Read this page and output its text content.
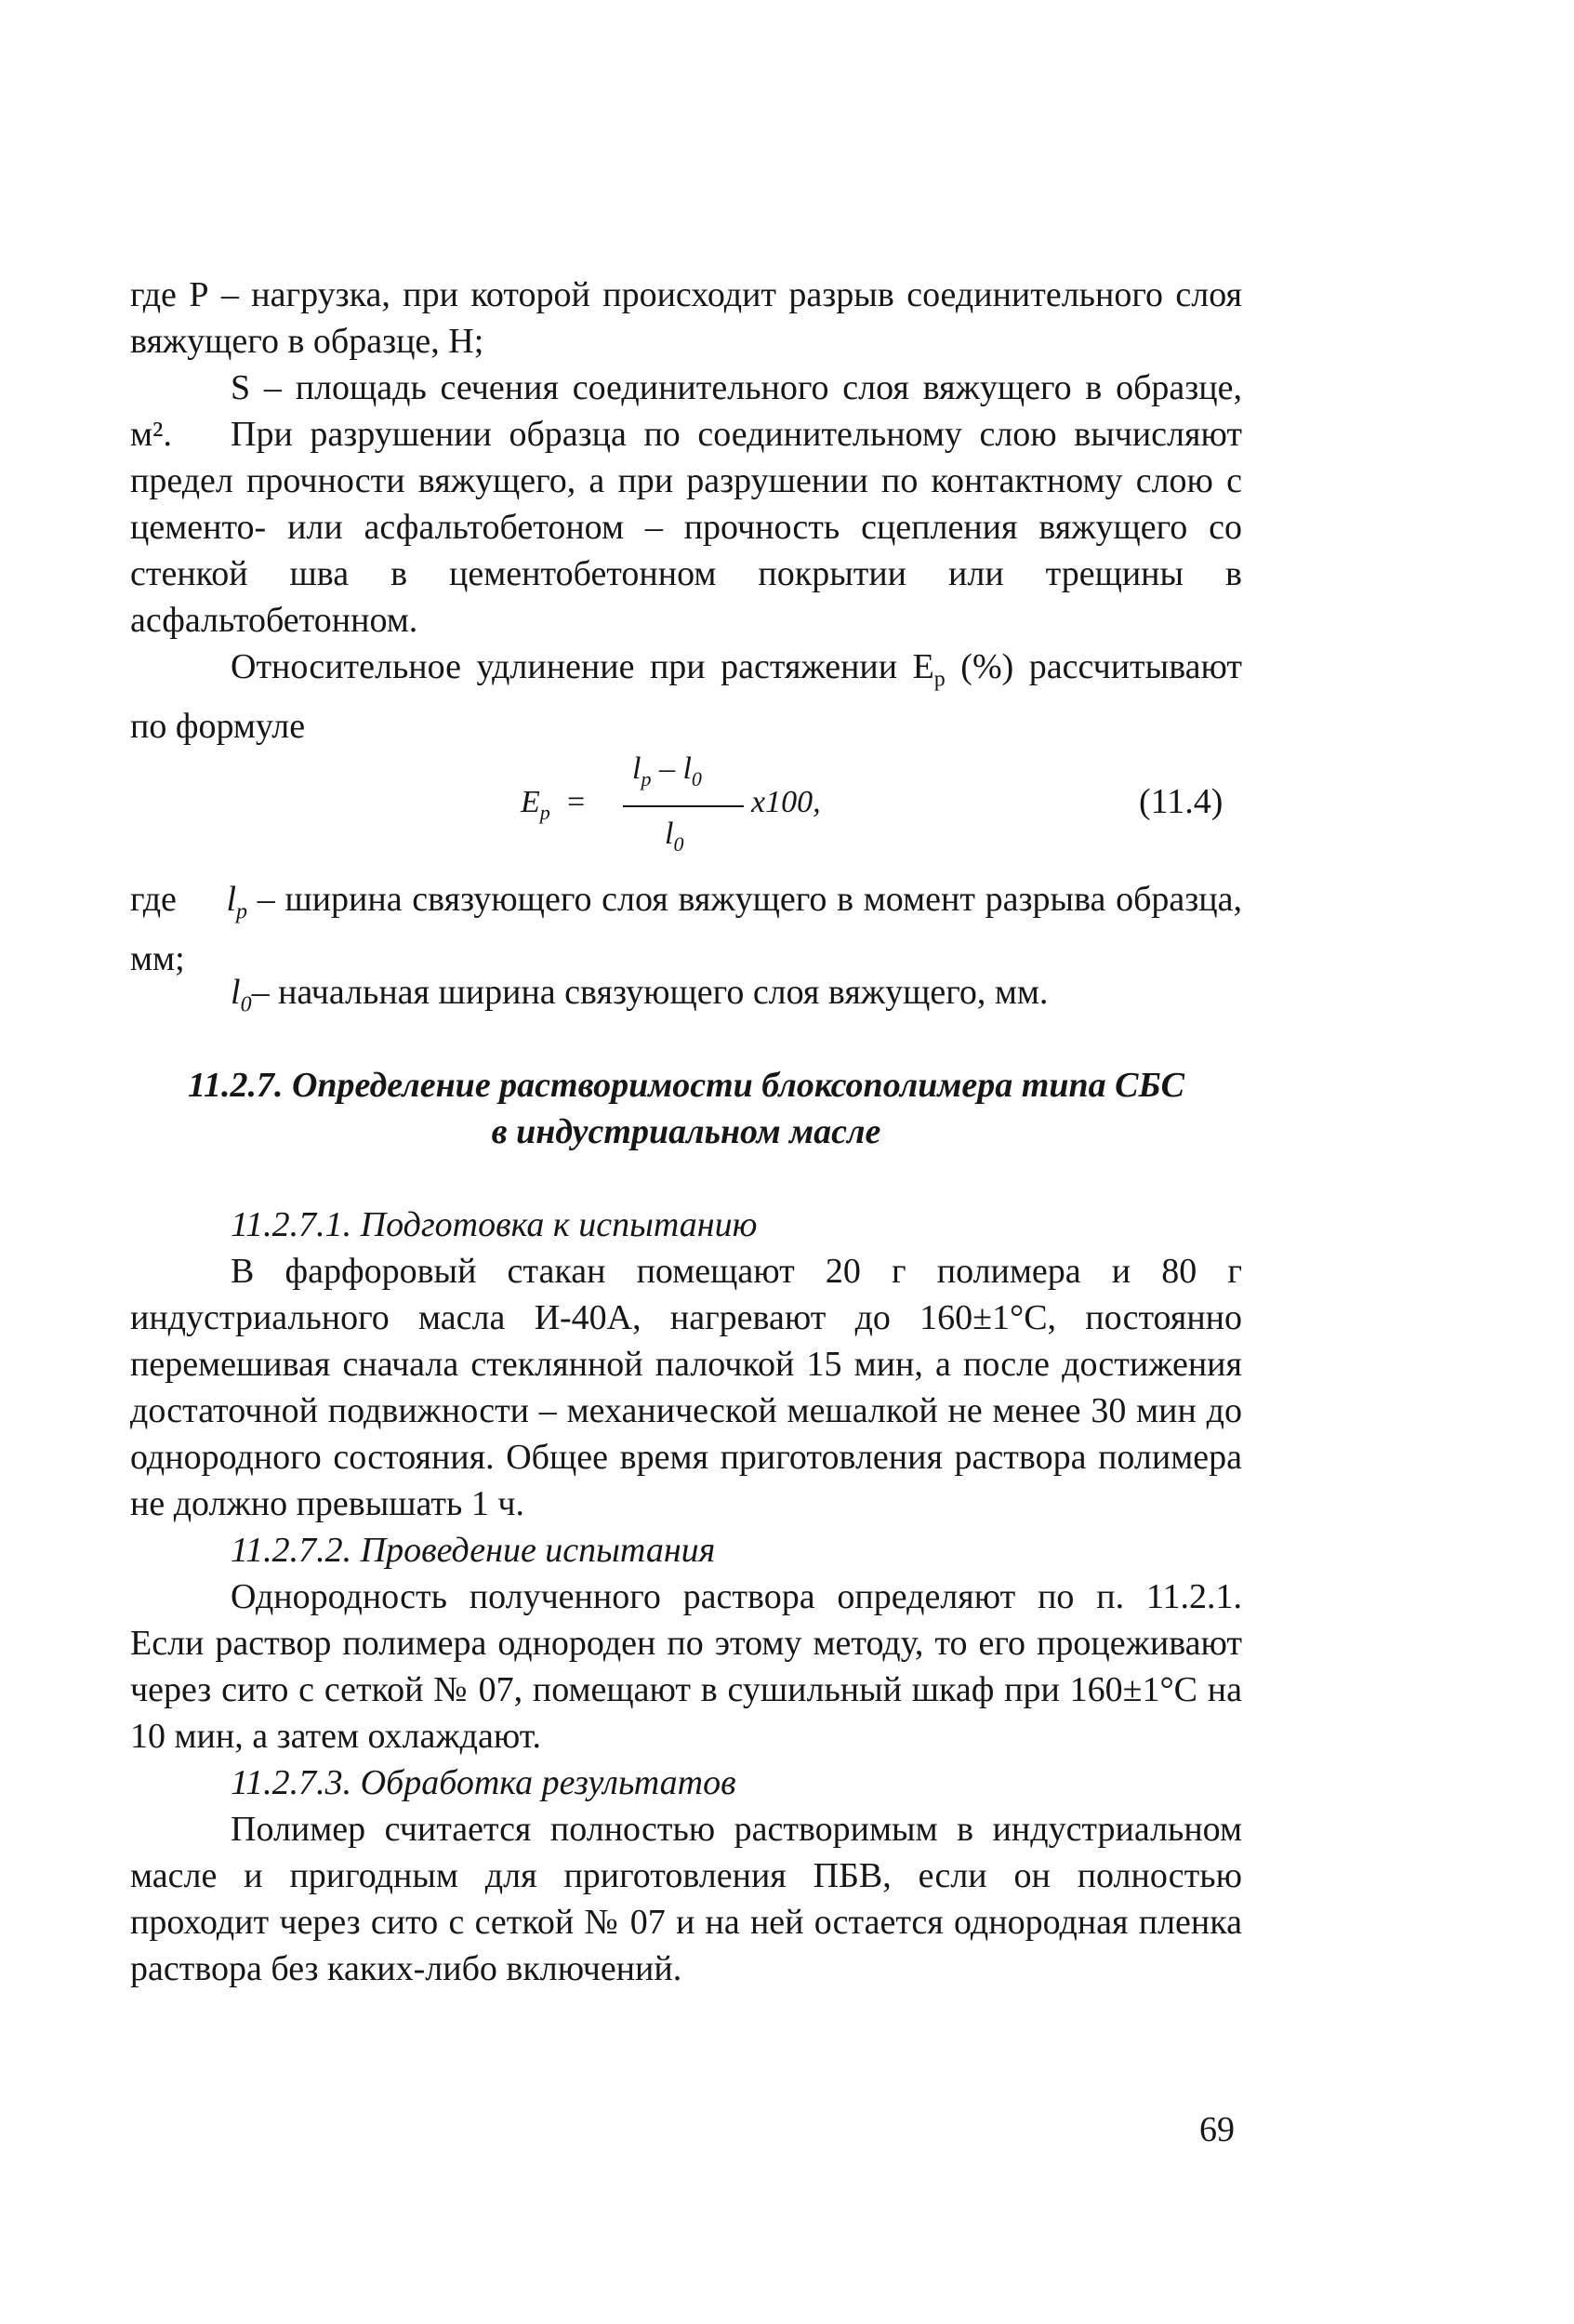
где Р – нагрузка, при которой происходит разрыв соединительного слоя вяжущего в образце, Н;

S – площадь сечения соединительного слоя вяжущего в образце, м².	При разрушении образца по соединительному слою вычисляют предел прочности вяжущего, а при разрушении по контактному слою с цементо- или асфальтобетоном – прочность сцепления вяжущего со стенкой шва в цементобетонном покрытии или трещины в асфальтобетонном.

Относительное удлинение при растяжении $E_р$ (%) рассчитывают по формуле

$E_р$ =
$l_р - l_0$
$l_0$
x100,	(11.4)

где $l_р$ – ширина связующего слоя вяжущего в момент разрыва образца, мм;

$l_0-$ начальная ширина связующего слоя вяжущего, мм.

11.2.7. Определение растворимости блоксополимера типа СБС

в индустриальном масле

11.2.7.1. Подготовка к испытанию

В фарфоровый стакан помещают 20 г полимера и 80 г индустриального масла И-40А, нагревают до 160±1°С, постоянно перемешивая сначала стеклянной палочкой 15 мин, а после достижения достаточной подвижности – механической мешалкой не менее 30 мин до однородного состояния. Общее время приготовления раствора полимера не должно превышать 1 ч.

11.2.7.2. Проведение испытания

Однородность полученного раствора определяют по п. 11.2.1. Если раствор полимера однороден по этому методу, то его процеживают через сито с сеткой № 07, помещают в сушильный шкаф при 160±1°С на 10 мин, а затем охлаждают.

11.2.7.3. Обработка результатов

Полимер считается полностью растворимым в индустриальном масле и пригодным для приготовления ПБВ, если он полностью проходит через сито с сеткой № 07 и на ней остается однородная пленка раствора без каких-либо включений.

69
